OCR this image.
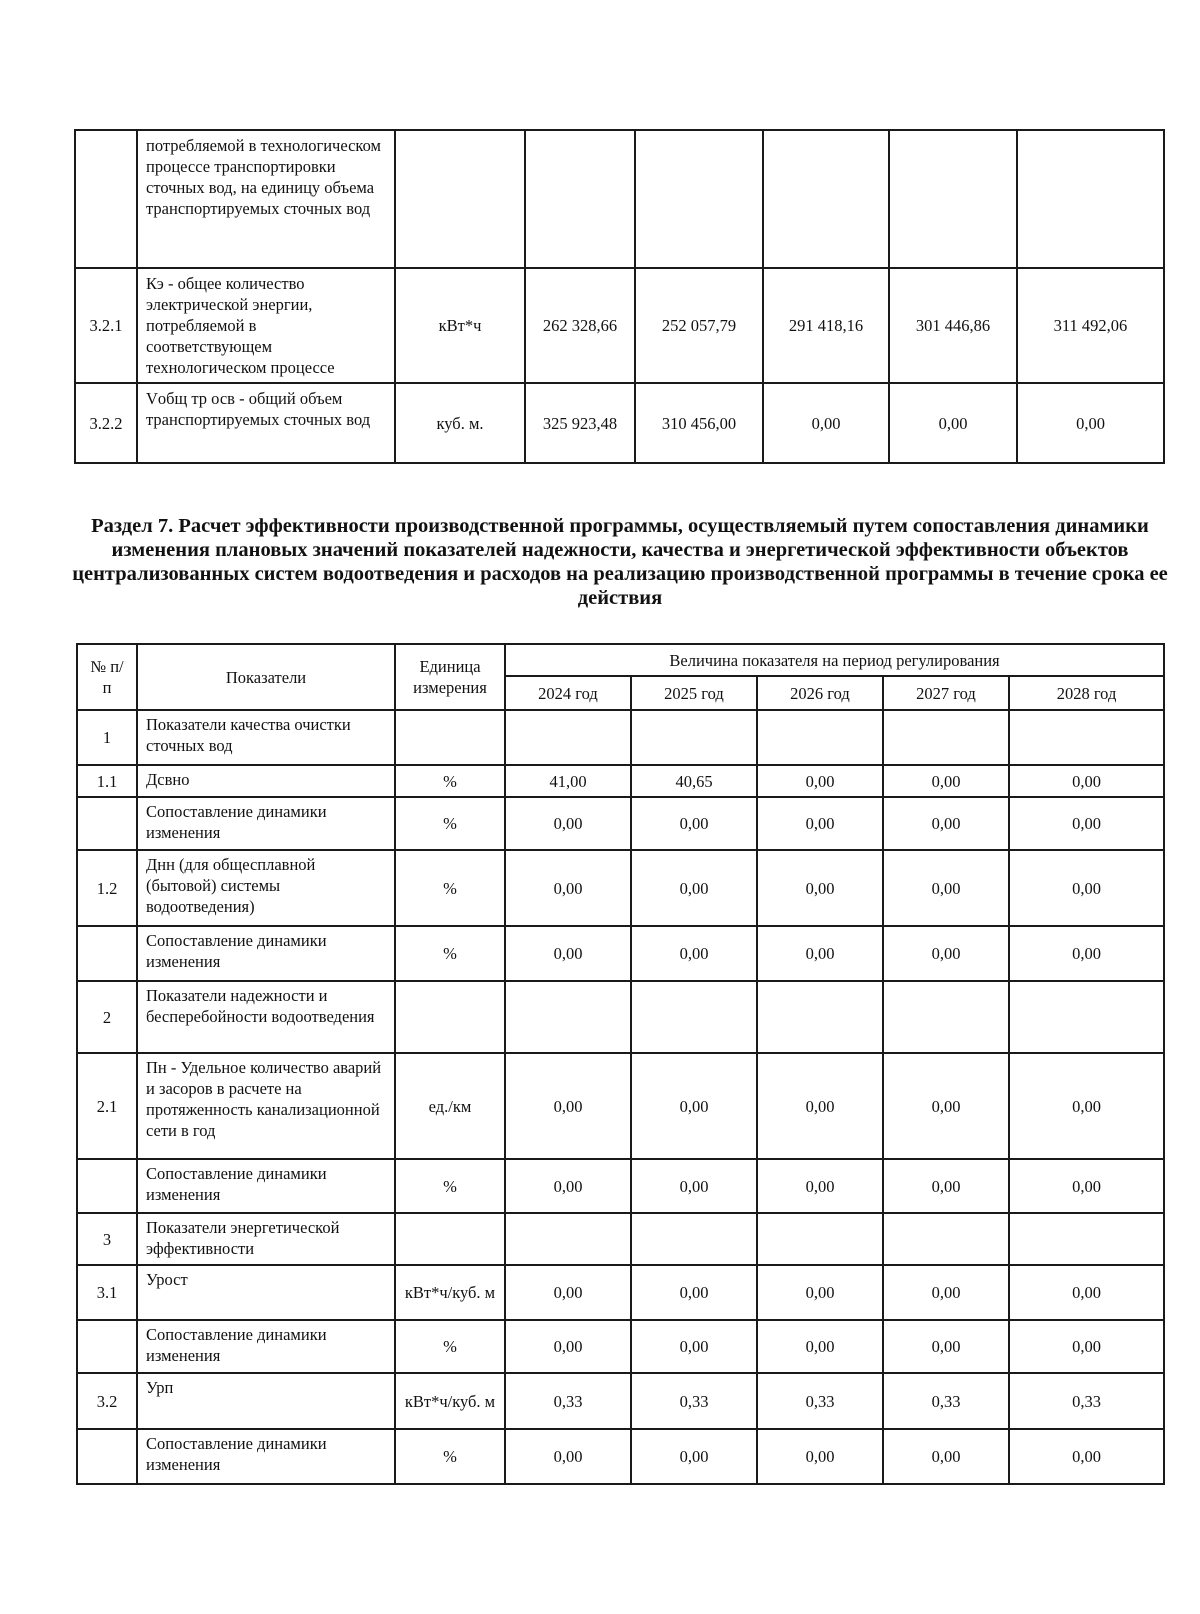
	потребляемой в технологическом процессе транспортировки сточных вод, на единицу объема транспортируемых сточных вод						
3.2.1	Кэ - общее количество электрической энергии, потребляемой в соответствующем технологическом процессе	кВт*ч	262 328,66	252 057,79	291 418,16	301 446,86	311 492,06
3.2.2	Vобщ тр осв - общий объем транспортируемых сточных вод	куб. м.	325 923,48	310 456,00	0,00	0,00	0,00
Раздел 7. Расчет эффективности производственной программы, осуществляемый путем сопоставления динамики изменения плановых значений показателей надежности, качества и энергетической эффективности объектов централизованных систем водоотведения и расходов на реализацию производственной программы в течение срока ее действия
№ п/п	Показатели	Единица измерения	Величина показателя на период регулирования				
			2024 год	2025 год	2026 год	2027 год	2028 год
1	Показатели качества очистки сточных вод						
1.1	Дсвно	%	41,00	40,65	0,00	0,00	0,00
	Сопоставление динамики изменения	%	0,00	0,00	0,00	0,00	0,00
1.2	Днн (для общесплавной (бытовой) системы водоотведения)	%	0,00	0,00	0,00	0,00	0,00
	Сопоставление динамики изменения	%	0,00	0,00	0,00	0,00	0,00
2	Показатели надежности и бесперебойности водоотведения						
2.1	Пн - Удельное количество аварий и засоров в расчете на протяженность канализационной сети в год	ед./км	0,00	0,00	0,00	0,00	0,00
	Сопоставление динамики изменения	%	0,00	0,00	0,00	0,00	0,00
3	Показатели энергетической эффективности						
3.1	Урост	кВт*ч/куб. м	0,00	0,00	0,00	0,00	0,00
	Сопоставление динамики изменения	%	0,00	0,00	0,00	0,00	0,00
3.2	Урп	кВт*ч/куб. м	0,33	0,33	0,33	0,33	0,33
	Сопоставление динамики изменения	%	0,00	0,00	0,00	0,00	0,00
